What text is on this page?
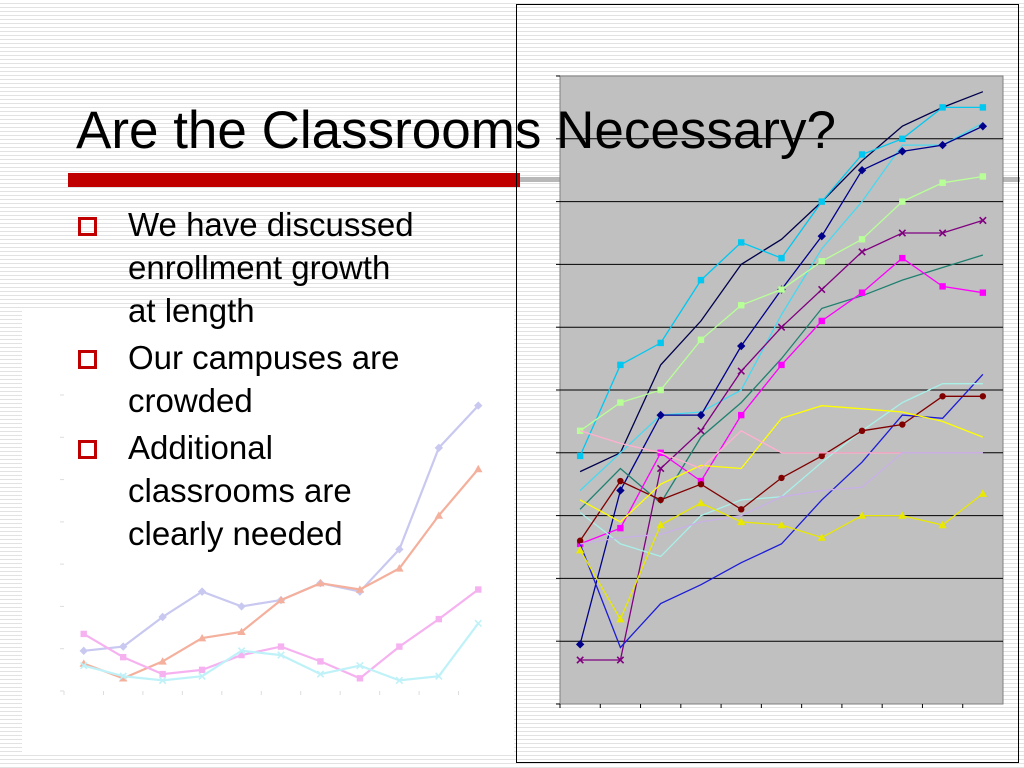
Are the Classrooms Necessary?
We have discussed
enrollment growth
at length
Our campuses are
crowded
Additional
classrooms are
clearly needed
